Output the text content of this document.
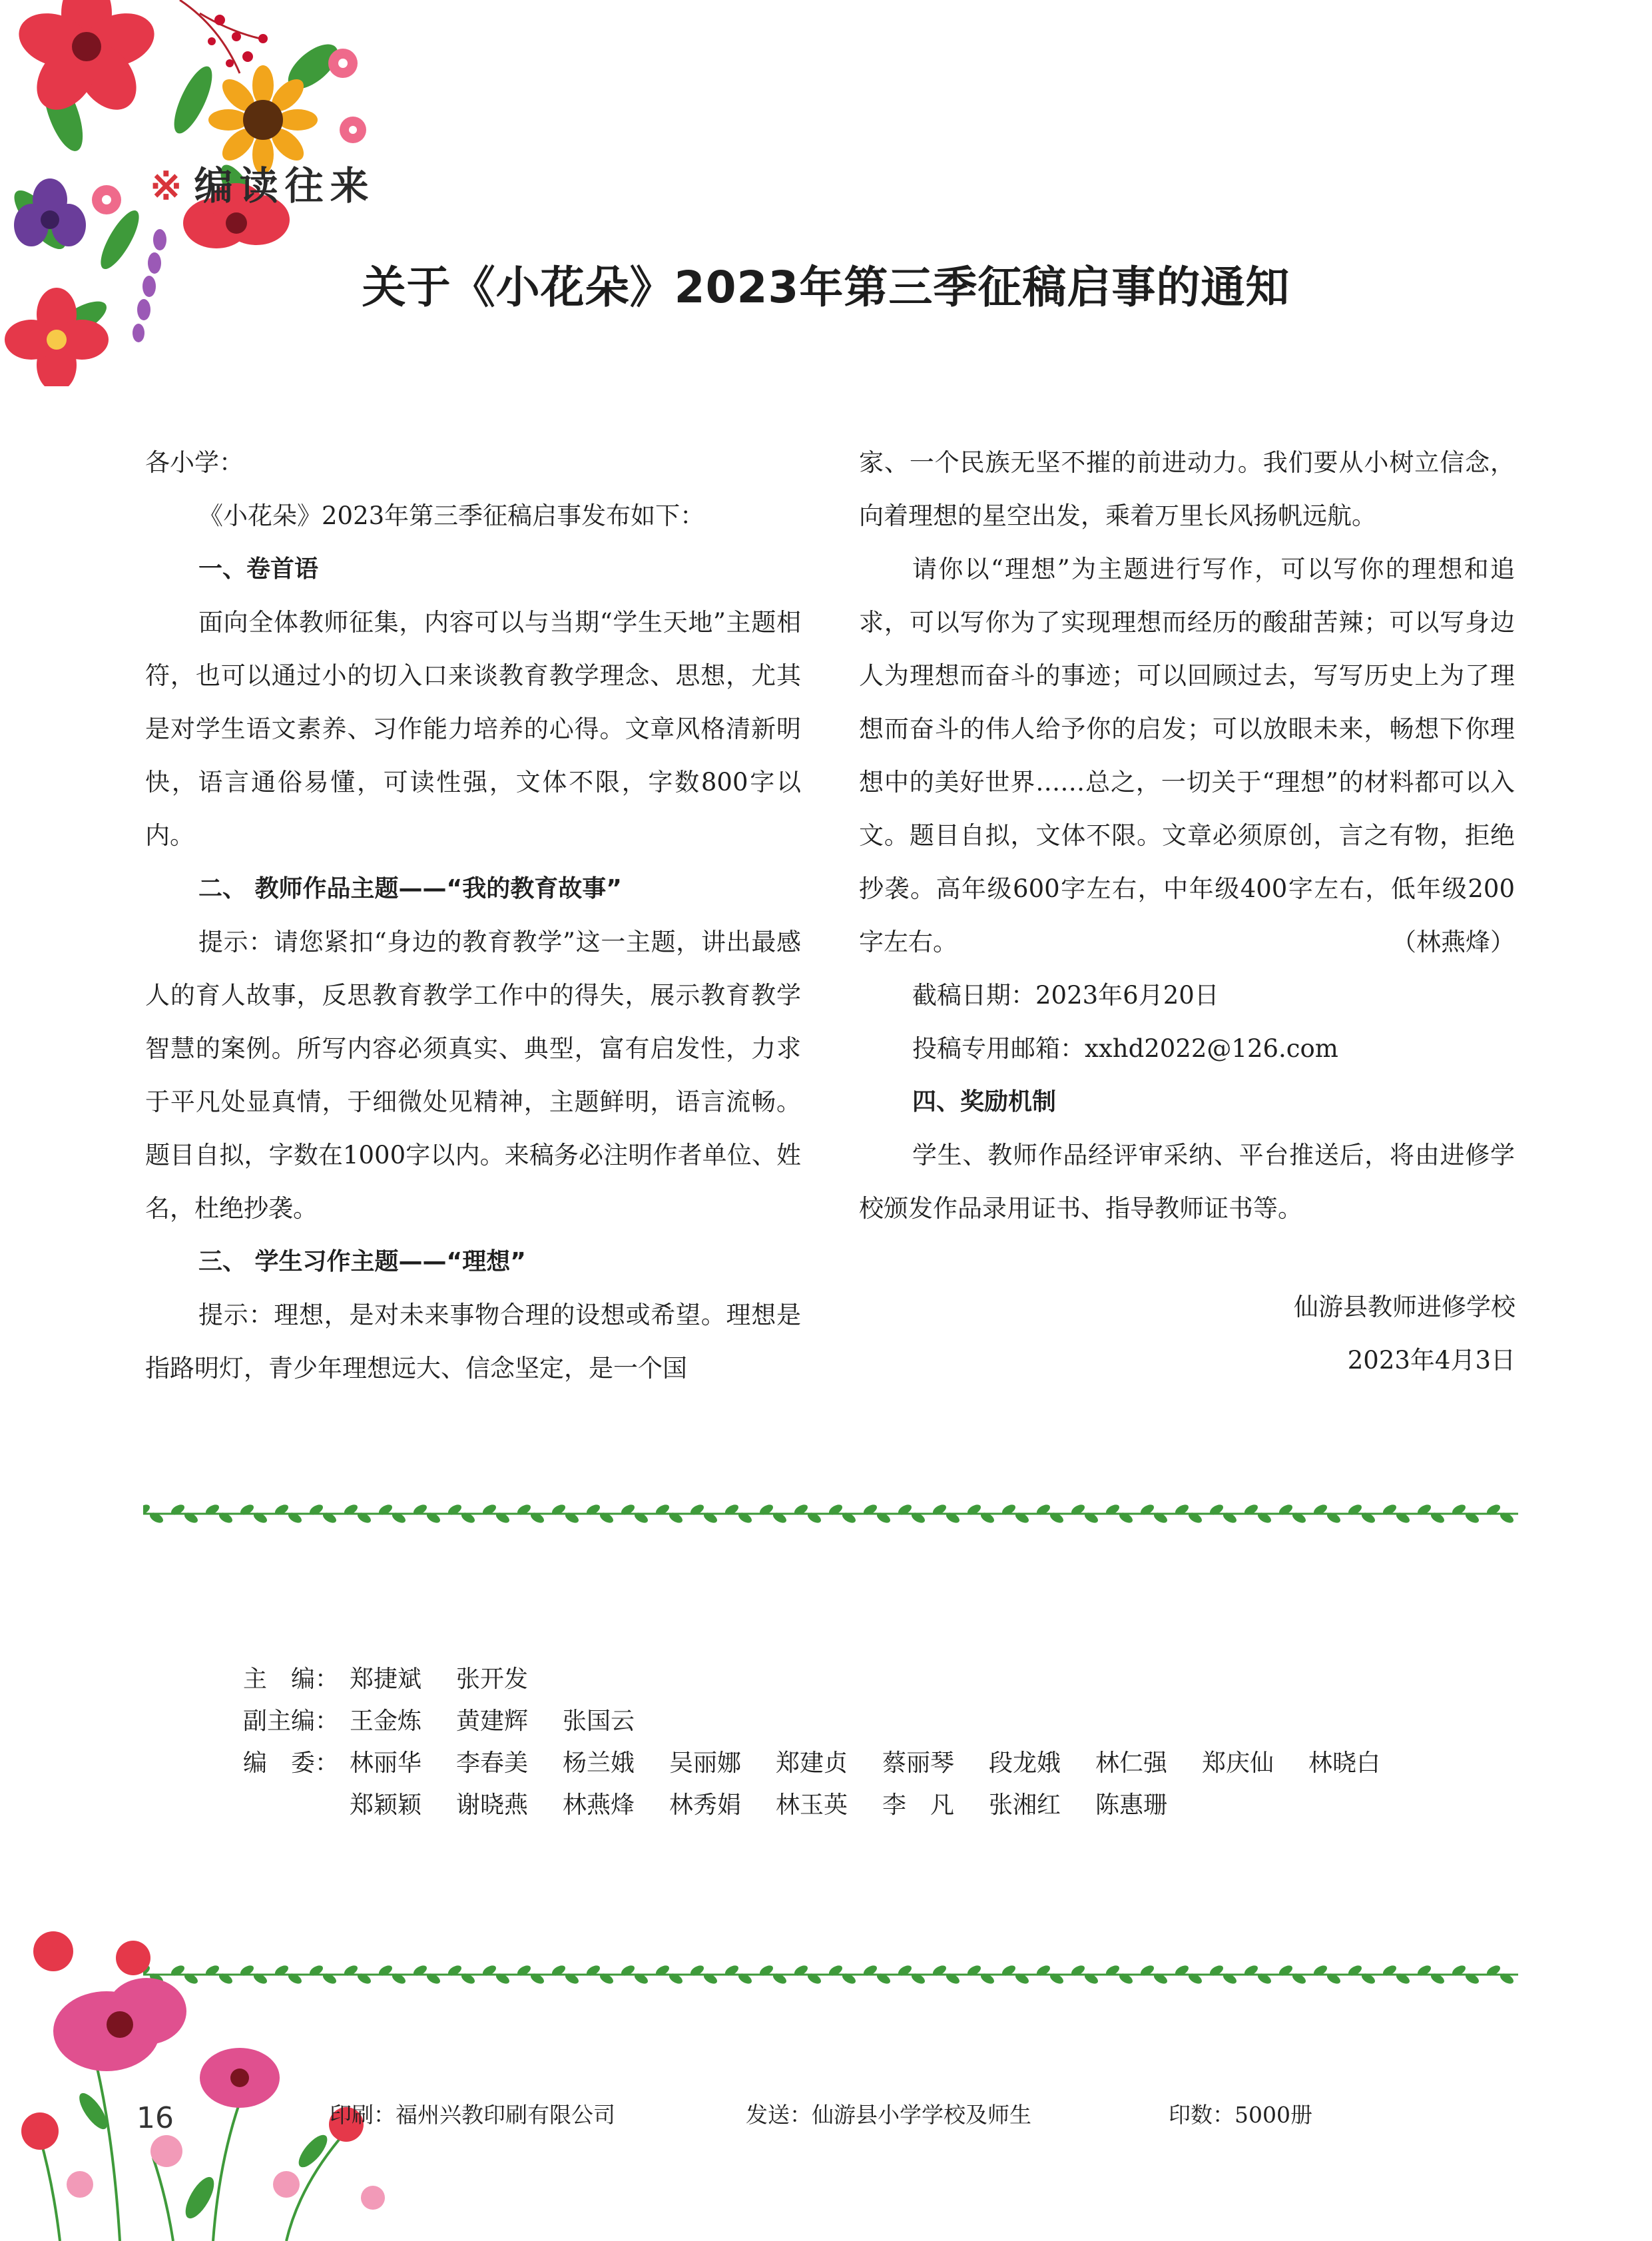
※ 编读往来
关于《小花朵》2023年第三季征稿启事的通知

各小学：

《小花朵》2023年第三季征稿启事发布如下：

一、卷首语

面向全体教师征集，内容可以与当期“学生天地”主题相符，也可以通过小的切入口来谈教育教学理念、思想，尤其是对学生语文素养、习作能力培养的心得。文章风格清新明快，语言通俗易懂，可读性强，文体不限，字数800字以内。

二、 教师作品主题——“我的教育故事”

提示：请您紧扣“身边的教育教学”这一主题，讲出最感人的育人故事，反思教育教学工作中的得失，展示教育教学智慧的案例。所写内容必须真实、典型，富有启发性，力求于平凡处显真情，于细微处见精神，主题鲜明，语言流畅。题目自拟，字数在1000字以内。来稿务必注明作者单位、姓名，杜绝抄袭。

三、 学生习作主题——“理想”

提示：理想，是对未来事物合理的设想或希望。理想是指路明灯，青少年理想远大、信念坚定，是一个国

家、一个民族无坚不摧的前进动力。我们要从小树立信念，向着理想的星空出发，乘着万里长风扬帆远航。

请你以“理想”为主题进行写作，可以写你的理想和追求，可以写你为了实现理想而经历的酸甜苦辣；可以写身边人为理想而奋斗的事迹；可以回顾过去，写写历史上为了理想而奋斗的伟人给予你的启发；可以放眼未来，畅想下你理想中的美好世界……总之，一切关于“理想”的材料都可以入文。题目自拟，文体不限。文章必须原创，言之有物，拒绝抄袭。高年级600字左右，中年级400字左右，低年级200字左右。	（林燕烽）

截稿日期：2023年6月20日

投稿专用邮箱：xxhd2022@126.com

四、奖励机制

学生、教师作品经评审采纳、平台推送后，将由进修学校颁发作品录用证书、指导教师证书等。

仙游县教师进修学校
2023年4月3日
主　编： 郑捷斌	张开发
副主编： 王金炼	黄建辉	张国云
编　委： 林丽华	李春美	杨兰娥	吴丽娜	郑建贞	蔡丽琴	段龙娥	林仁强	郑庆仙	林晓白
郑颖颖	谢晓燕	林燕烽	林秀娟	林玉英	李　凡	张湘红	陈惠珊
16	印刷：福州兴教印刷有限公司	发送：仙游县小学学校及师生	印数：5000册
